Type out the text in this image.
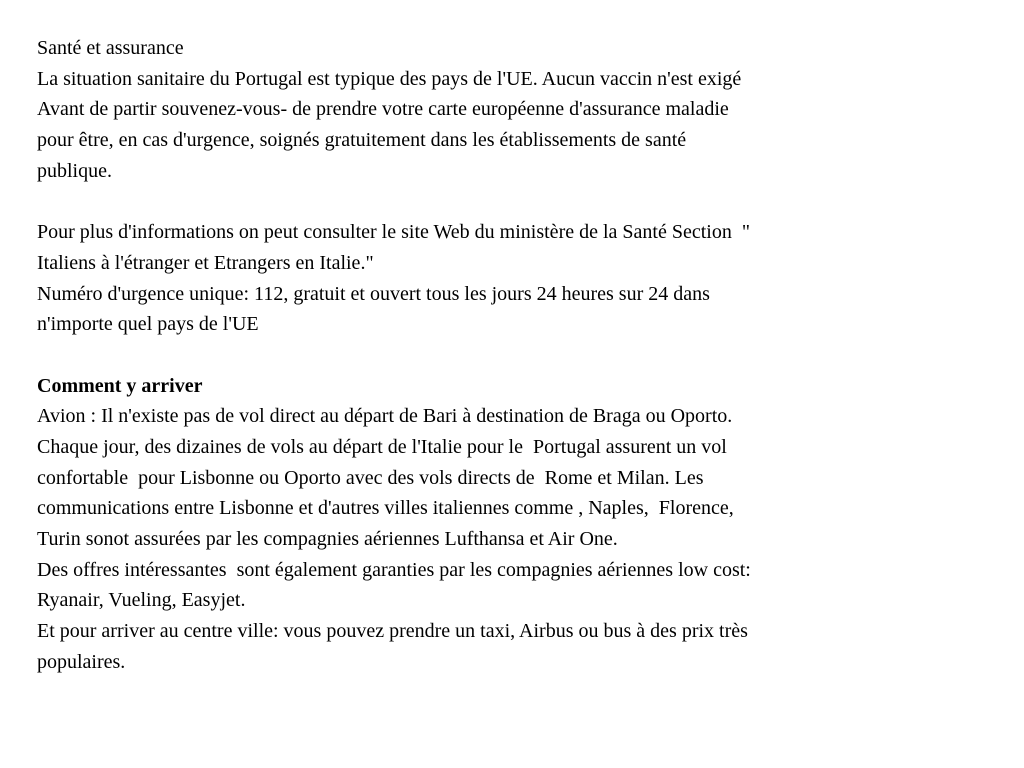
Santé et assurance
La situation sanitaire du Portugal est typique des pays de l'UE. Aucun vaccin n'est exigé
Avant de partir souvenez-vous- de prendre votre carte européenne d'assurance maladie
pour être, en cas d'urgence, soignés gratuitement dans les établissements de santé
publique.
Pour plus d'informations on peut consulter le site Web du ministère de la Santé Section  "
Italiens à l'étranger et Etrangers en Italie."
Numéro d'urgence unique: 112, gratuit et ouvert tous les jours 24 heures sur 24 dans
n'importe quel pays de l'UE
Comment y arriver
Avion : Il n'existe pas de vol direct au départ de Bari à destination de Braga ou Oporto.
Chaque jour, des dizaines de vols au départ de l'Italie pour le  Portugal assurent un vol
confortable  pour Lisbonne ou Oporto avec des vols directs de  Rome et Milan. Les
communications entre Lisbonne et d'autres villes italiennes comme , Naples,  Florence,
Turin sonot assurées par les compagnies aériennes Lufthansa et Air One.
Des offres intéressantes  sont également garanties par les compagnies aériennes low cost:
Ryanair, Vueling, Easyjet.
Et pour arriver au centre ville: vous pouvez prendre un taxi, Airbus ou bus à des prix très
populaires.
